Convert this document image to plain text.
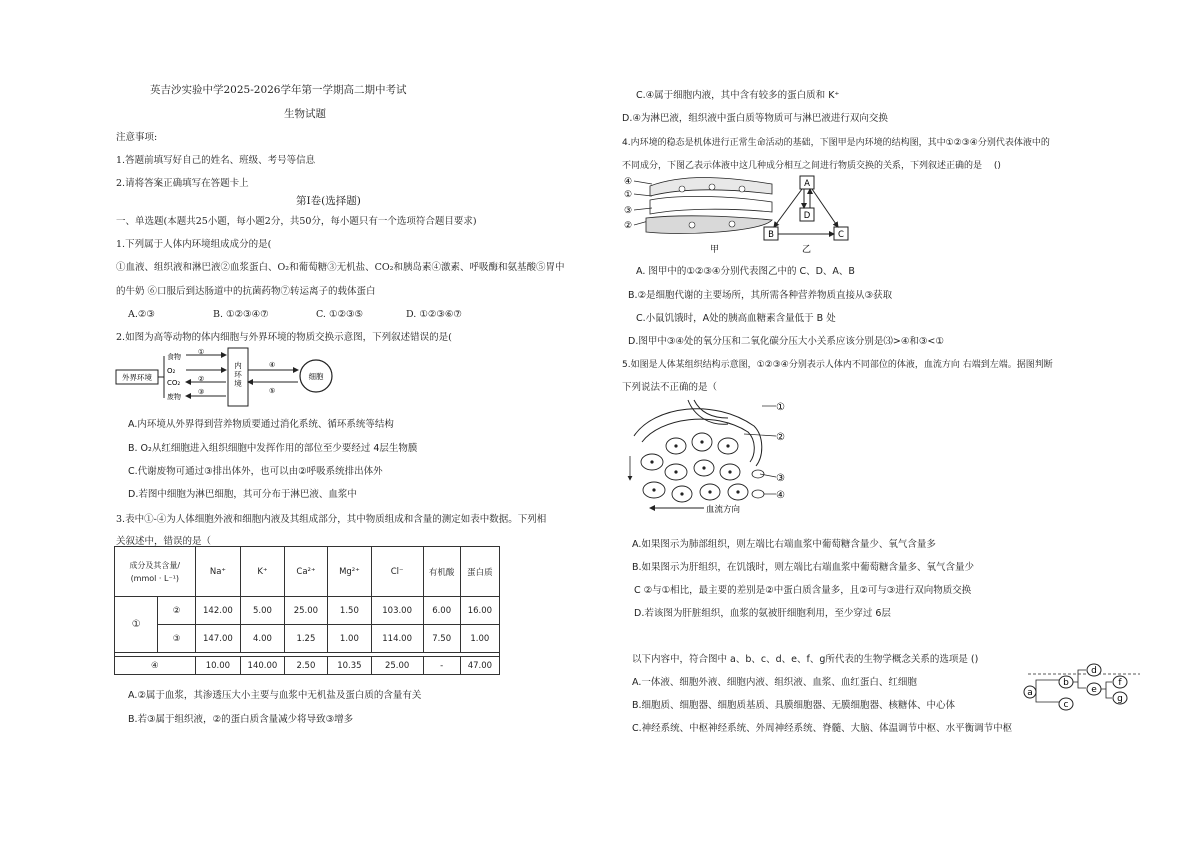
英吉沙实验中学2025-2026学年第一学期高二期中考试
生物试题
注意事项:
1.答题前填写好自己的姓名、班级、考号等信息
2.请将答案正确填写在答题卡上
第Ⅰ卷(选择题)
一、单选题(本题共25小题，每小题2分，共50分，每小题只有一个选项符合题目要求)
1.下列属于人体内环境组成成分的是(
①血液、组织液和淋巴液②血浆蛋白、O₂和葡萄糖③无机盐、CO₂和胰岛素④激素、呼吸酶和氨基酸⑤胃中
的牛奶 ⑥口服后到达肠道中的抗菌药物⑦转运离子的载体蛋白
A.②③	B. ①②③④⑦	C. ①②③⑤	D. ①②③⑥⑦
2.如图为高等动物的体内细胞与外界环境的物质交换示意图，下列叙述错误的是(
外界环境
食物
①
O₂
CO₂	②
废物
③
内环境
④
⑤
细胞
A.内环境从外界得到营养物质要通过消化系统、循环系统等结构
B. O₂从红细胞进入组织细胞中发挥作用的部位至少要经过 4层生物膜
C.代谢废物可通过③排出体外，也可以由②呼吸系统排出体外
D.若图中细胞为淋巴细胞，其可分布于淋巴液、血浆中
3.表中①-④为人体细胞外液和细胞内液及其组成部分，其中物质组成和含量的测定如表中数据。下列相
关叙述中，错误的是（
成分及其含量/
(mmol · L⁻¹)		Na⁺	K⁺	Ca²⁺	Mg²⁺	Cl⁻	有机酸	蛋白质
①	②	142.00	5.00	25.00	1.50	103.00	6.00	16.00
	③	147.00	4.00	1.25	1.00	114.00	7.50	1.00

④		10.00	140.00	2.50	10.35	25.00	-	47.00
A.②属于血浆，其渗透压大小主要与血浆中无机盐及蛋白质的含量有关
B.若③属于组织液，②的蛋白质含量减少将导致③增多
C.④属于细胞内液，其中含有较多的蛋白质和 K⁺
D.④为淋巴液，组织液中蛋白质等物质可与淋巴液进行双向交换
4.内环境的稳态是机体进行正常生命活动的基础，下图甲是内环境的结构图，其中①②③④分别代表体液中的
不同成分，下图乙表示体液中这几种成分相互之间进行物质交换的关系，下列叙述正确的是　 ()
④
①
③
②
甲
A
D
B	C
乙
A. 图甲中的①②③④分别代表图乙中的 C、D、A、B
B.②是细胞代谢的主要场所，其所需各种营养物质直接从③获取
C.小鼠饥饿时，A处的胰高血糖素含量低于 B 处
D.图甲中③④处的氧分压和二氧化碳分压大小关系应该分别是⑶>④和③<①
5.如图是人体某组织结构示意图，①②③④分别表示人体内不同部位的体液，血流方向 右端到左端。据图判断
下列说法不正确的是（
①
②
③
④
血流方向
A.如果图示为肺部组织，则左端比右端血浆中葡萄糖含量少、氧气含量多
B.如果图示为肝组织，在饥饿时，则左端比右端血浆中葡萄糖含量多、氧气含量少
C ②与①相比，最主要的差别是②中蛋白质含量多，且②可与③进行双向物质交换
D.若该图为肝脏组织，血浆的氨被肝细胞利用，至少穿过 6层
以下内容中，符合图中 a、b、c、d、e、f、g所代表的生物学概念关系的选项是 ()
a
b
c
d
e
f
g
A.一体液、细胞外液、细胞内液、组织液、血浆、血红蛋白、红细胞
B.细胞质、细胞器、细胞质基质、具膜细胞器、无膜细胞器、核糖体、中心体
C.神经系统、中枢神经系统、外周神经系统、脊髓、大脑、体温调节中枢、水平衡调节中枢
